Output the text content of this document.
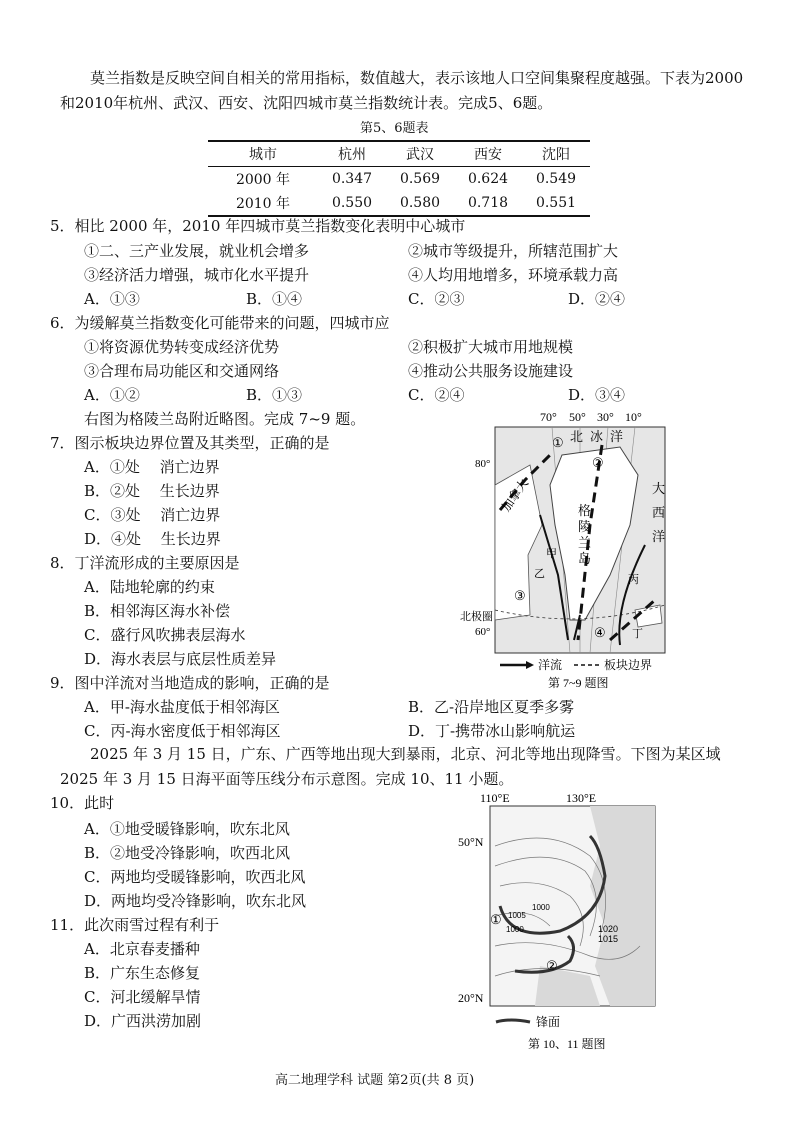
莫兰指数是反映空间自相关的常用指标，数值越大，表示该地人口空间集聚程度越强。下表为2000和2010年杭州、武汉、西安、沈阳四城市莫兰指数统计表。完成5、6题。
第5、6题表
城市	杭州	武汉	西安	沈阳
2000 年	0.347	0.569	0.624	0.549
2010 年	0.550	0.580	0.718	0.551
5．相比 2000 年，2010 年四城市莫兰指数变化表明中心城市
①二、三产业发展，就业机会增多	②城市等级提升，所辖范围扩大
③经济活力增强，城市化水平提升	④人均用地增多，环境承载力高
A．①③	B．①④	C．②③	D．②④
6．为缓解莫兰指数变化可能带来的问题，四城市应
①将资源优势转变成经济优势	②积极扩大城市用地规模
③合理布局功能区和交通网络	④推动公共服务设施建设
A．①②	B．①③	C．②④	D．③④
右图为格陵兰岛附近略图。完成 7~9 题。
7．图示板块边界位置及其类型，正确的是
A．①处　 消亡边界
B．②处　 生长边界
C．③处　 消亡边界
D．④处　 生长边界
8．丁洋流形成的主要原因是
A．陆地轮廓的约束
B．相邻海区海水补偿
C．盛行风吹拂表层海水
D．海水表层与底层性质差异
9．图中洋流对当地造成的影响，正确的是
A．甲-海水盐度低于相邻海区	B．乙-沿岸地区夏季多雾
C．丙-海水密度低于相邻海区	D．丁-携带冰山影响航运
70° 50° 30° 10°
北 冰 洋
80°
北极圈
60°
加拿大	格
陵
兰
岛
大
西
洋
甲
乙	丙
丁
①
②
③
④
洋流	板块边界
第 7~9 题图
2025 年 3 月 15 日，广东、广西等地出现大到暴雨，北京、河北等地出现降雪。下图为某区域 2025 年 3 月 15 日海平面等压线分布示意图。完成 10、11 小题。
10．此时
A．①地受暖锋影响，吹东北风
B．②地受冷锋影响，吹西北风
C．两地均受暖锋影响，吹西北风
D．两地均受冷锋影响，吹东北风
11．此次雨雪过程有利于
A．北京春麦播种
B．广东生态修复
C．河北缓解旱情
D．广西洪涝加剧
110°E	130°E
1020
1015
1005
1000
1000
50°N
20°N
①
②
锋面
第 10、11 题图
高二地理学科 试题 第2页(共 8 页)
